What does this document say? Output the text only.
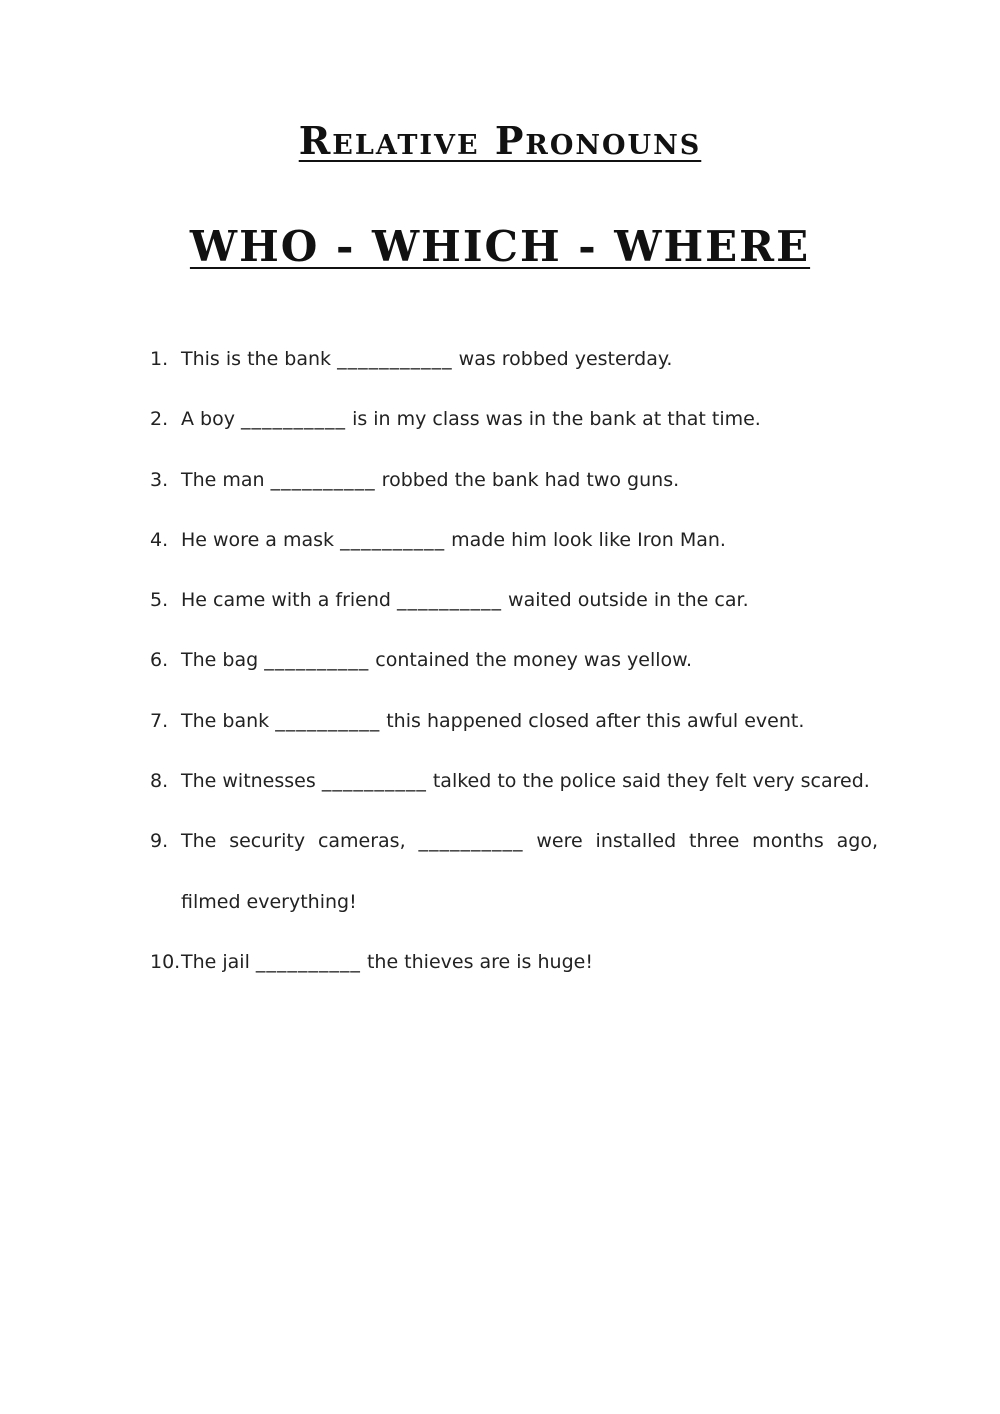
Relative Pronouns
WHO - WHICH - WHERE
1. This is the bank ___________ was robbed yesterday.
2. A boy __________ is in my class was in the bank at that time.
3. The man __________ robbed the bank had two guns.
4. He wore a mask __________ made him look like Iron Man.
5. He came with a friend __________ waited outside in the car.
6. The bag __________ contained the money was yellow.
7. The bank __________ this happened closed after this awful event.
8. The witnesses __________ talked to the police said they felt very scared.
9. The security cameras, __________ were installed three months ago, filmed everything!
10. The jail __________ the thieves are is huge!
